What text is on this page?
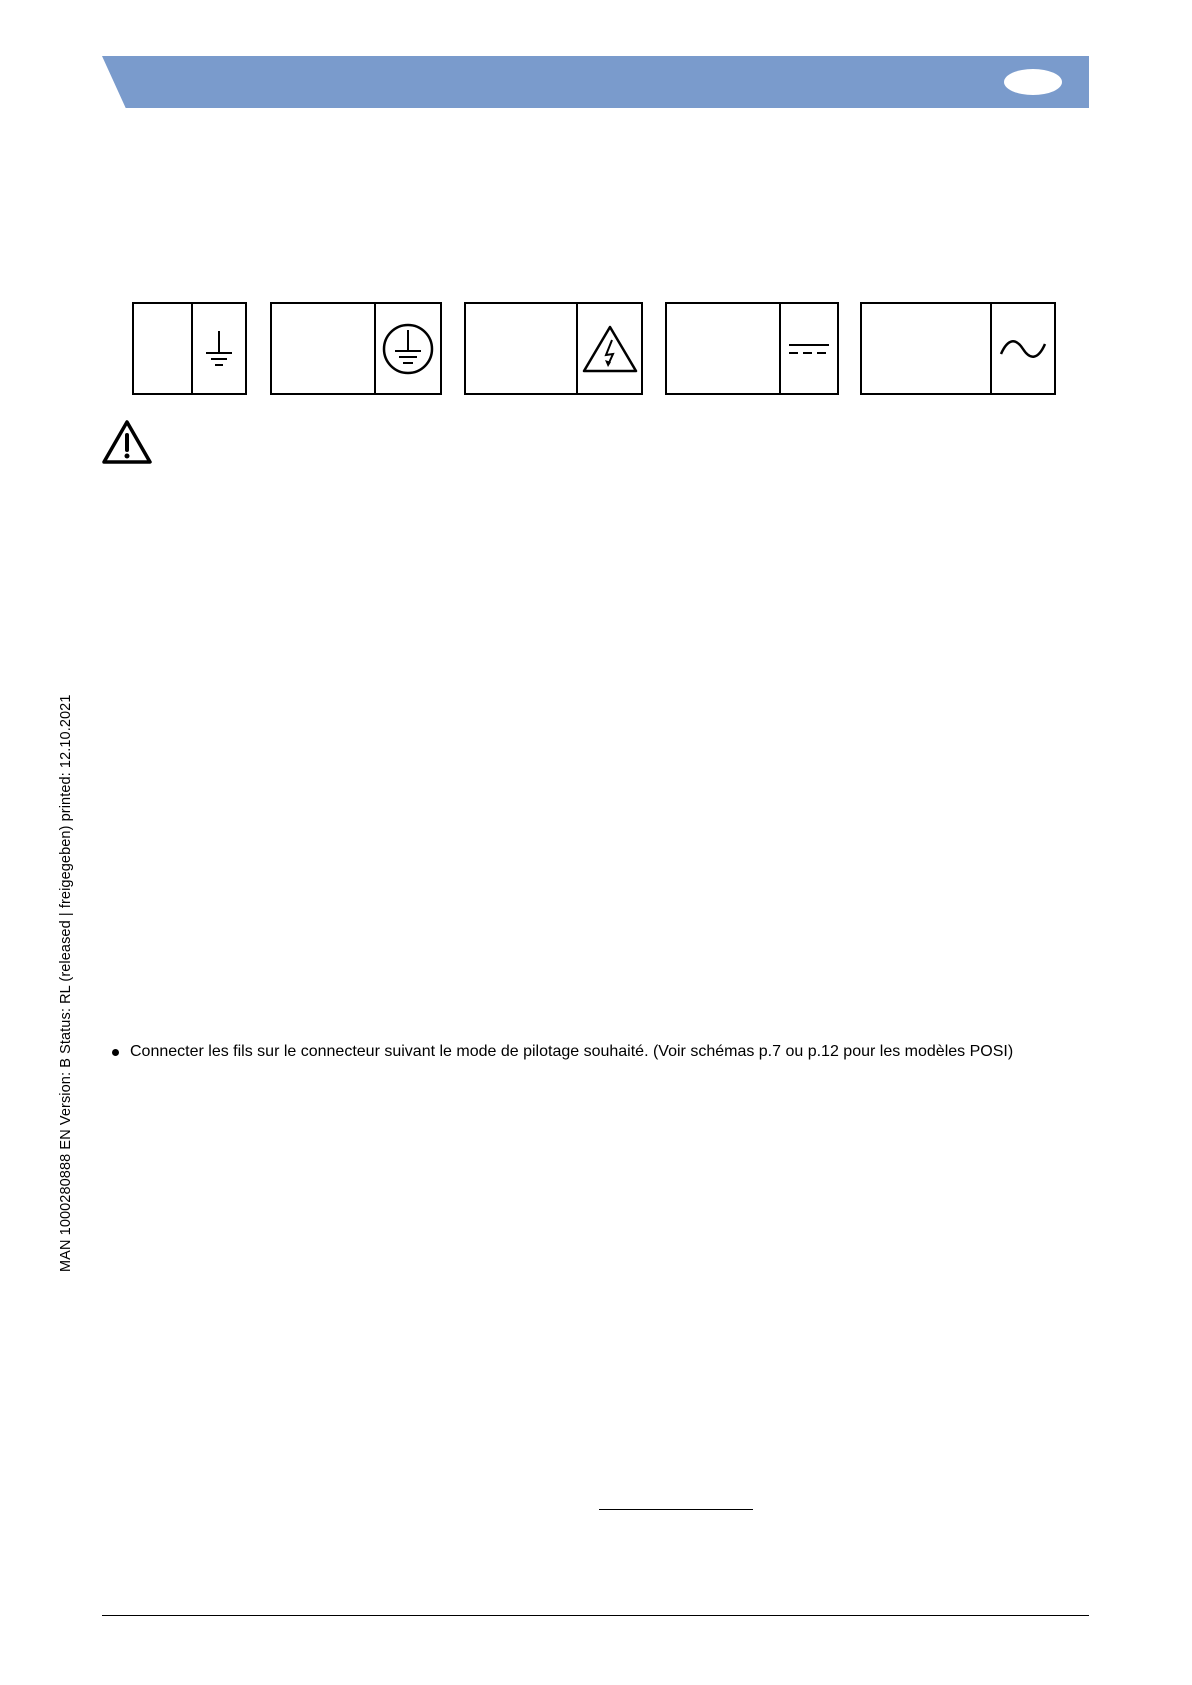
MAN 1000280888 EN Version: B Status: RL (released | freigegeben) printed: 12.10.2021	Connecter les fils sur le connecteur suivant le mode de pilotage souhaité. (Voir schémas p.7 ou p.12 pour les modèles POSI)
